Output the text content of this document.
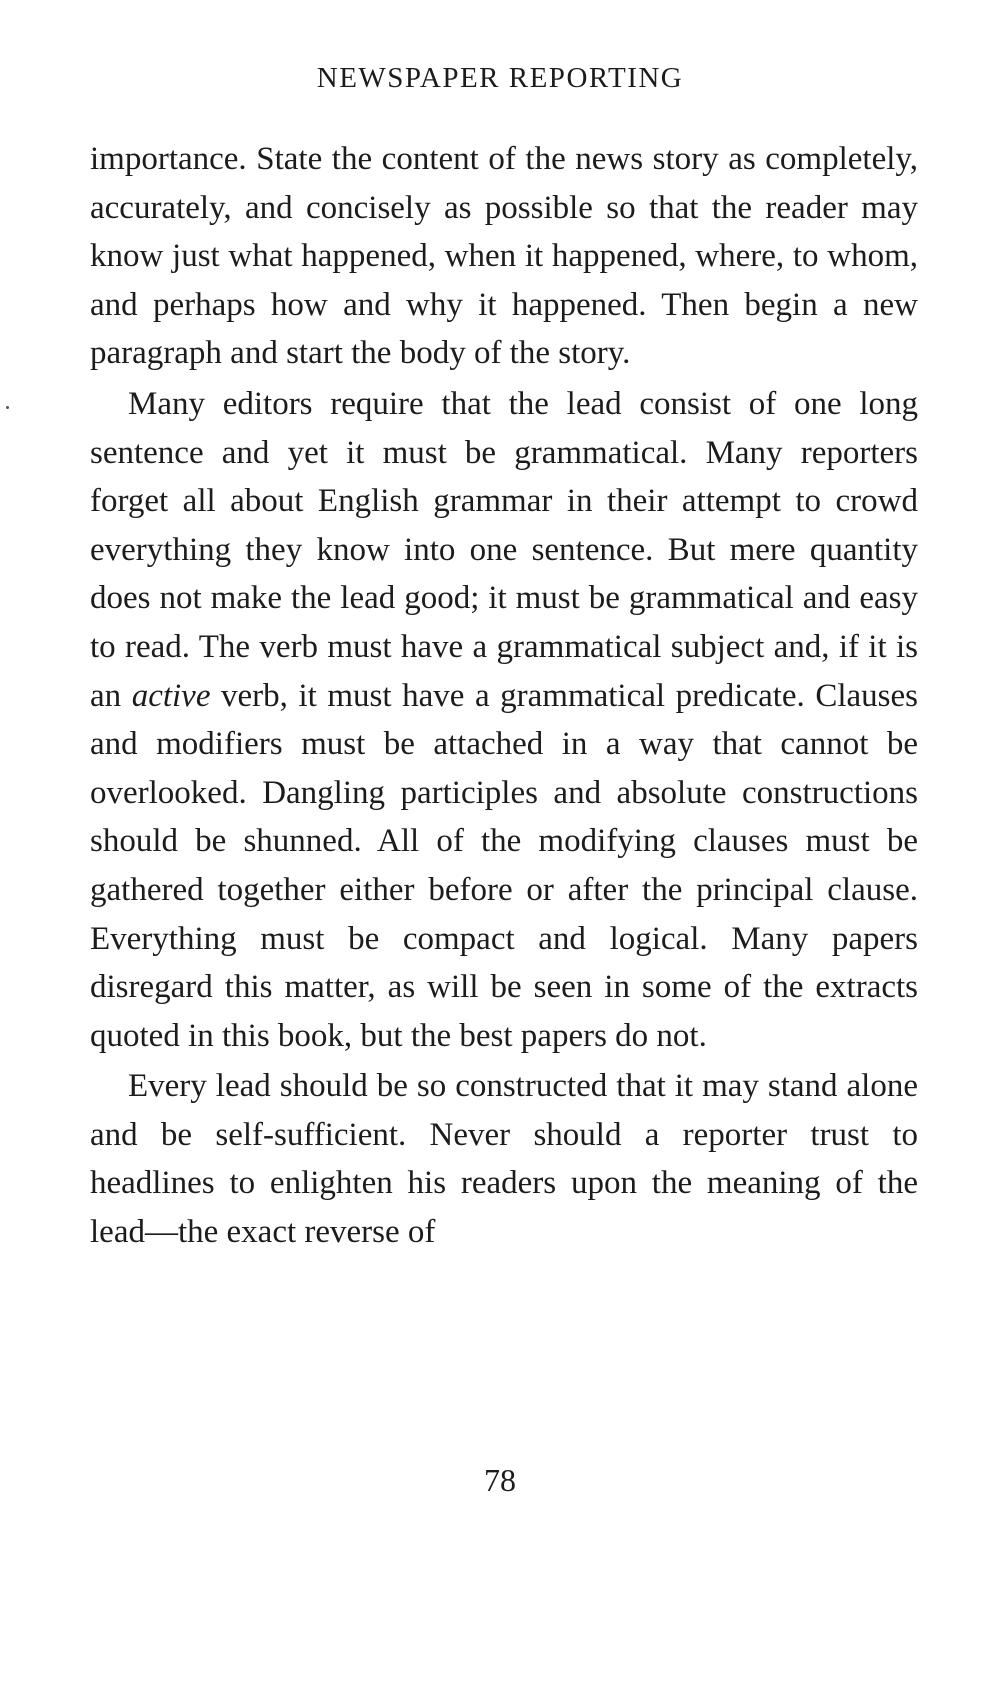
NEWSPAPER REPORTING

importance. State the content of the news story as completely, accurately, and concisely as possible so that the reader may know just what happened, when it happened, where, to whom, and perhaps how and why it happened. Then begin a new paragraph and start the body of the story.

Many editors require that the lead consist of one long sentence and yet it must be grammatical. Many reporters forget all about English grammar in their attempt to crowd everything they know into one sentence. But mere quantity does not make the lead good; it must be grammatical and easy to read. The verb must have a grammatical subject and, if it is an active verb, it must have a grammatical predicate. Clauses and modifiers must be attached in a way that cannot be overlooked. Dangling participles and absolute constructions should be shunned. All of the modifying clauses must be gathered together either before or after the principal clause. Everything must be compact and logical. Many papers disregard this matter, as will be seen in some of the extracts quoted in this book, but the best papers do not.

Every lead should be so constructed that it may stand alone and be self-sufficient. Never should a reporter trust to headlines to enlighten his readers upon the meaning of the lead—the exact reverse of

78
